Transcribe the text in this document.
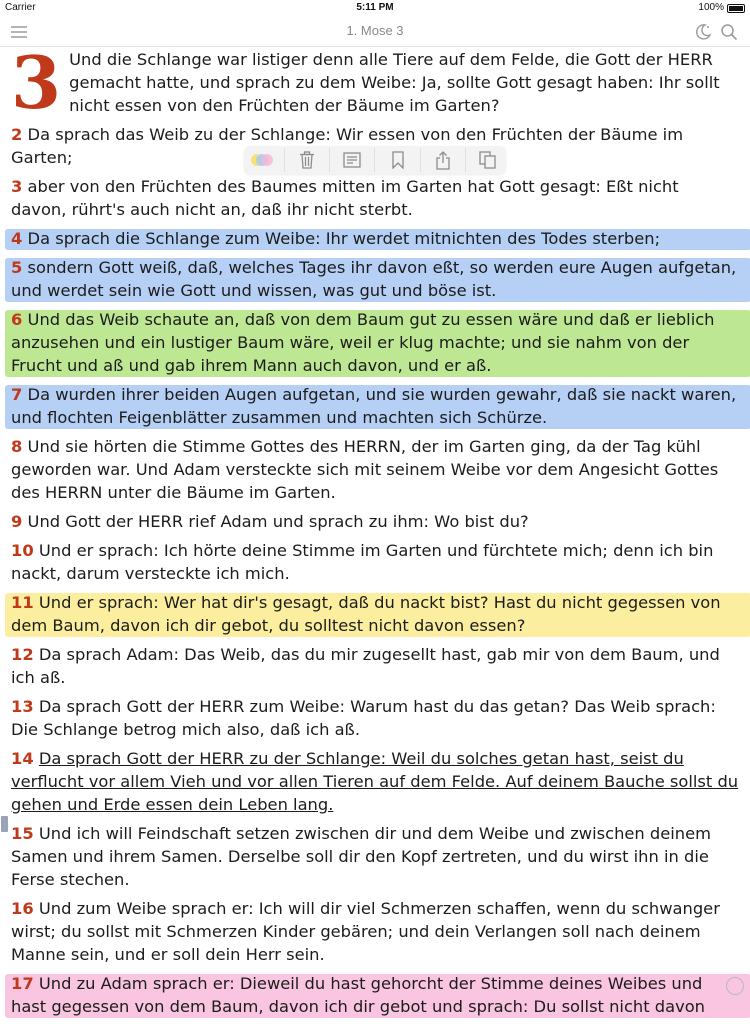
Carrier	5:11 PM	100%
1. Mose 3
3 Und die Schlange war listiger denn alle Tiere auf dem Felde, die Gott der HERR gemacht hatte, und sprach zu dem Weibe: Ja, sollte Gott gesagt haben: Ihr sollt nicht essen von den Früchten der Bäume im Garten?
2 Da sprach das Weib zu der Schlange: Wir essen von den Früchten der Bäume im Garten;
3 aber von den Früchten des Baumes mitten im Garten hat Gott gesagt: Eßt nicht davon, rührt's auch nicht an, daß ihr nicht sterbt.
4 Da sprach die Schlange zum Weibe: Ihr werdet mitnichten des Todes sterben;
5 sondern Gott weiß, daß, welches Tages ihr davon eßt, so werden eure Augen aufgetan, und werdet sein wie Gott und wissen, was gut und böse ist.
6 Und das Weib schaute an, daß von dem Baum gut zu essen wäre und daß er lieblich anzusehen und ein lustiger Baum wäre, weil er klug machte; und sie nahm von der Frucht und aß und gab ihrem Mann auch davon, und er aß.
7 Da wurden ihrer beiden Augen aufgetan, und sie wurden gewahr, daß sie nackt waren, und flochten Feigenblätter zusammen und machten sich Schürze.
8 Und sie hörten die Stimme Gottes des HERRN, der im Garten ging, da der Tag kühl geworden war. Und Adam versteckte sich mit seinem Weibe vor dem Angesicht Gottes des HERRN unter die Bäume im Garten.
9 Und Gott der HERR rief Adam und sprach zu ihm: Wo bist du?
10 Und er sprach: Ich hörte deine Stimme im Garten und fürchtete mich; denn ich bin nackt, darum versteckte ich mich.
11 Und er sprach: Wer hat dir's gesagt, daß du nackt bist? Hast du nicht gegessen von dem Baum, davon ich dir gebot, du solltest nicht davon essen?
12 Da sprach Adam: Das Weib, das du mir zugesellt hast, gab mir von dem Baum, und ich aß.
13 Da sprach Gott der HERR zum Weibe: Warum hast du das getan? Das Weib sprach: Die Schlange betrog mich also, daß ich aß.
14 Da sprach Gott der HERR zu der Schlange: Weil du solches getan hast, seist du verflucht vor allem Vieh und vor allen Tieren auf dem Felde. Auf deinem Bauche sollst du gehen und Erde essen dein Leben lang.
15 Und ich will Feindschaft setzen zwischen dir und dem Weibe und zwischen deinem Samen und ihrem Samen. Derselbe soll dir den Kopf zertreten, und du wirst ihn in die Ferse stechen.
16 Und zum Weibe sprach er: Ich will dir viel Schmerzen schaffen, wenn du schwanger wirst; du sollst mit Schmerzen Kinder gebären; und dein Verlangen soll nach deinem Manne sein, und er soll dein Herr sein.
17 Und zu Adam sprach er: Dieweil du hast gehorcht der Stimme deines Weibes und hast gegessen von dem Baum, davon ich dir gebot und sprach: Du sollst nicht davon
